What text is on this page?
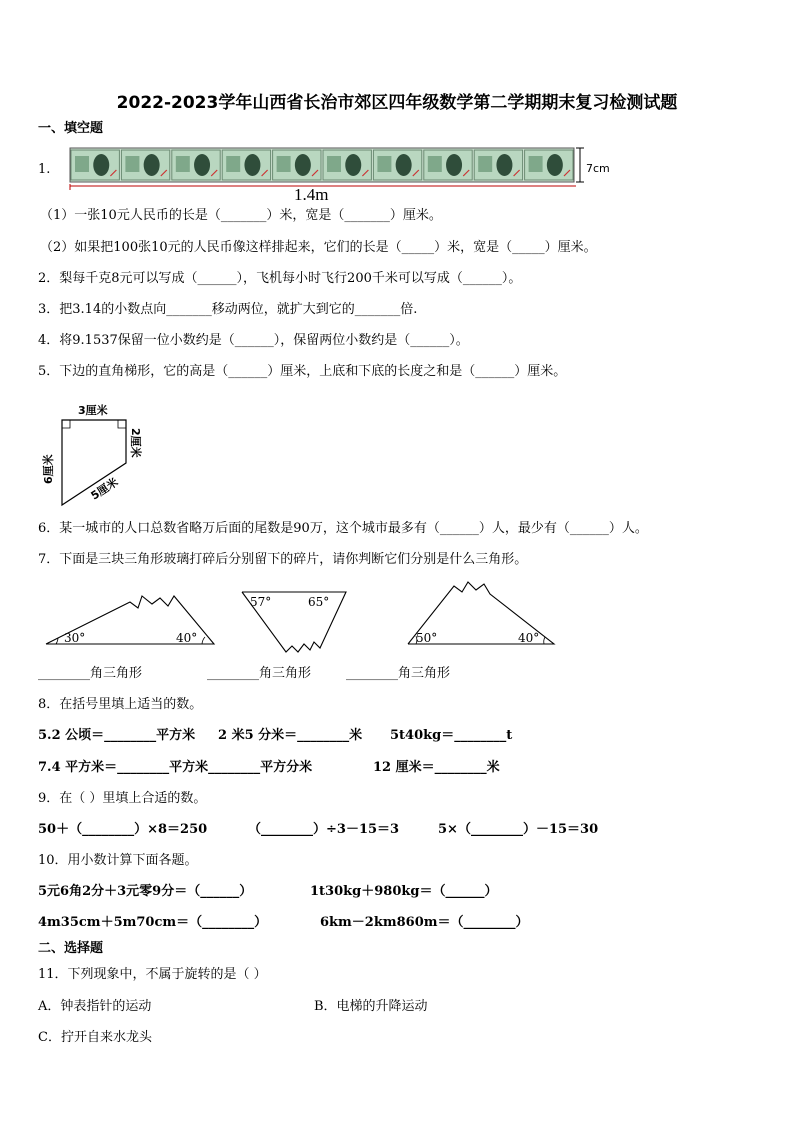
2022-2023学年山西省长治市郊区四年级数学第二学期期末复习检测试题
一、填空题
1.	7cm
1.4m
（1）一张10元人民币的长是（_______）米，宽是（_______）厘米。
（2）如果把100张10元的人民币像这样排起来，它们的长是（_____）米，宽是（_____）厘米。
2．梨每千克8元可以写成（______），飞机每小时飞行200千米可以写成（______）。
3．把3.14的小数点向_______移动两位，就扩大到它的_______倍.
4．将9.1537保留一位小数约是（______），保留两位小数约是（______）。
5．下边的直角梯形，它的高是（______）厘米，上底和下底的长度之和是（______）厘米。
3厘米
6厘米
2厘米
5厘米
6．某一城市的人口总数省略万后面的尾数是90万，这个城市最多有（______）人，最少有（______）人。
7．下面是三块三角形玻璃打碎后分别留下的碎片，请你判断它们分别是什么三角形。
30°	40°
57°	65°
50°	40°
________角三角形	________角三角形	________角三角形
8．在括号里填上适当的数。
5.2 公顷＝________平方米 2 米5 分米＝________米 5t40kg＝________t
7.4 平方米＝________平方米________平方分米	12 厘米＝________米
9．在（ ）里填上合适的数。
50＋（________）×8＝250	（________）÷3－15＝3	5×（________）－15＝30
10．用小数计算下面各题。
5元6角2分＋3元零9分＝（______）	1t30kg＋980kg＝（______）
4m35cm＋5m70cm＝（________）	6km－2km860m＝（________）
二、选择题
11．下列现象中，不属于旋转的是（ ）
A．钟表指针的运动	B．电梯的升降运动
C．拧开自来水龙头
